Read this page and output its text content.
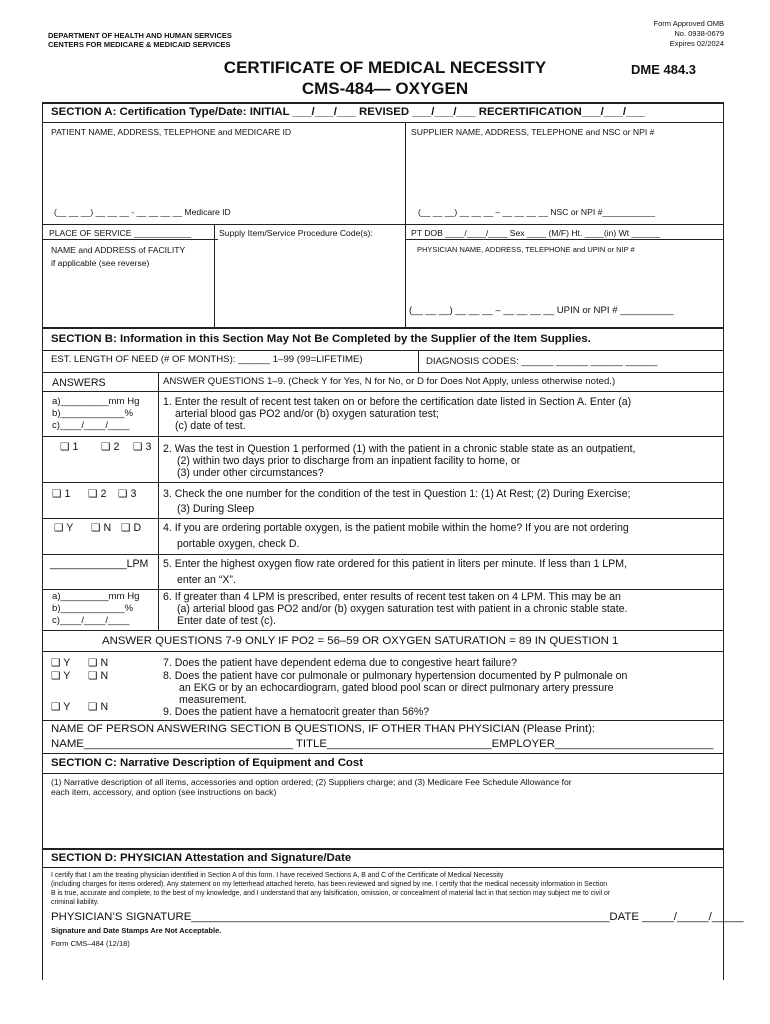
DEPARTMENT OF HEALTH AND HUMAN SERVICES
CENTERS FOR MEDICARE & MEDICAID SERVICES
Form Approved OMB
No. 0938-0679
Expires 02/2024
CERTIFICATE OF MEDICAL NECESSITY
CMS-484— OXYGEN
DME 484.3
SECTION A: Certification Type/Date: INITIAL ___/___/___ REVISED ___/___/___ RECERTIFICATION___/___/___
PATIENT NAME, ADDRESS, TELEPHONE and MEDICARE ID	SUPPLIER NAME, ADDRESS, TELEPHONE and NSC or NPI #
(__ __ __) __ __ __ - __ __ __ __ Medicare ID	(__ __ __) __ __ __ – __ __ __ __ NSC or NPI #___________
PLACE OF SERVICE ____________	Supply Item/Service Procedure Code(s):	PT DOB ____/____/____ Sex ____ (M/F) Ht. ____(in) Wt ______
NAME and ADDRESS of FACILITY
if applicable (see reverse)
PHYSICIAN NAME, ADDRESS, TELEPHONE and UPIN or NIP #
(__ __ __) __ __ __ – __ __ __ __ UPIN or NPI # __________
SECTION B: Information in this Section May Not Be Completed by the Supplier of the Item Supplies.
EST. LENGTH OF NEED (# OF MONTHS): ______ 1–99 (99=LIFETIME)	DIAGNOSIS CODES: ______ ______ ______ ______
ANSWERS	ANSWER QUESTIONS 1–9. (Check Y for Yes, N for No, or D for Does Not Apply, unless otherwise noted.)
a)_________mm Hg
b)____________%
c)____/____/____
1. Enter the result of recent test taken on or before the certification date listed in Section A. Enter (a)
arterial blood gas PO2 and/or (b) oxygen saturation test;
(c) date of test.
❑ 1 ❑ 2 ❑ 3 2. Was the test in Question 1 performed (1) with the patient in a chronic stable state as an outpatient,
(2) within two days prior to discharge from an inpatient facility to home, or
(3) under other circumstances?
❑ 1 ❑ 2 ❑ 3	3. Check the one number for the condition of the test in Question 1: (1) At Rest; (2) During Exercise;
(3) During Sleep
❑ Y ❑ N ❑ D 4. If you are ordering portable oxygen, is the patient mobile within the home? If you are not ordering
portable oxygen, check D.
_____________LPM 5. Enter the highest oxygen flow rate ordered for this patient in liters per minute. If less than 1 LPM,
enter an “X”.
a)_________mm Hg
b)____________%
c)____/____/____
6. If greater than 4 LPM is prescribed, enter results of recent test taken on 4 LPM. This may be an
(a) arterial blood gas PO2 and/or (b) oxygen saturation test with patient in a chronic stable state.
Enter date of test (c).
ANSWER QUESTIONS 7-9 ONLY IF PO2 = 56–59 OR OXYGEN SATURATION = 89 IN QUESTION 1
❑ Y ❑ N	7. Does the patient have dependent edema due to congestive heart failure?
❑ Y ❑ N	8. Does the patient have cor pulmonale or pulmonary hypertension documented by P pulmonale on
an EKG or by an echocardiogram, gated blood pool scan or direct pulmonary artery pressure
measurement.
❑ Y ❑ N	9. Does the patient have a hematocrit greater than 56%?
NAME OF PERSON ANSWERING SECTION B QUESTIONS, IF OTHER THAN PHYSICIAN (Please Print):
NAME_________________________________ TITLE__________________________EMPLOYER_________________________
SECTION C: Narrative Description of Equipment and Cost
(1) Narrative description of all items, accessories and option ordered; (2) Suppliers charge; and (3) Medicare Fee Schedule Allowance for
each item, accessory, and option (see instructions on back)
SECTION D: PHYSICIAN Attestation and Signature/Date
I certify that I am the treating physician identified in Section A of this form. I have received Sections A, B and C of the Certificate of Medical Necessity
(including charges for items ordered). Any statement on my letterhead attached hereto, has been reviewed and signed by me. I certify that the medical necessity information in Section
B is true, accurate and complete, to the best of my knowledge, and I understand that any falsification, omission, or concealment of material fact in that section may subject me to civil or
criminal liability.
PHYSICIAN’S SIGNATURE__________________________________________________________________DATE _____/_____/_____
Signature and Date Stamps Are Not Acceptable.
Form CMS–484 (12/18)
